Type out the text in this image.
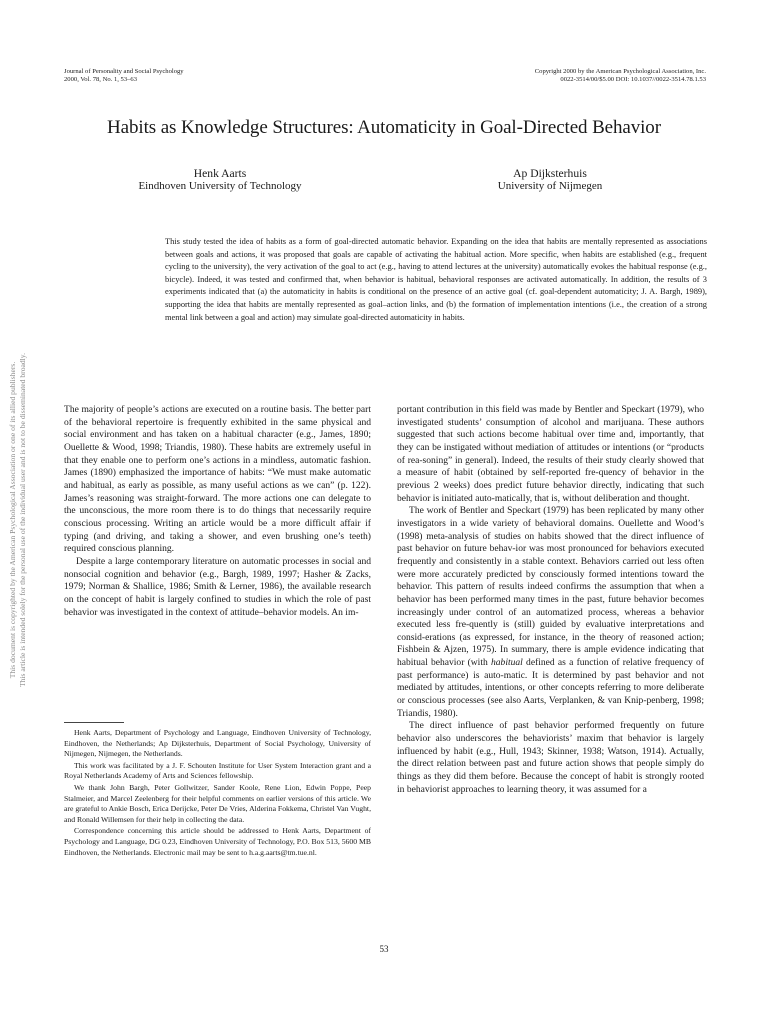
Journal of Personality and Social Psychology
2000, Vol. 78, No. 1, 53–63
Copyright 2000 by the American Psychological Association, Inc.
0022-3514/00/$5.00 DOI: 10.1037//0022-3514.78.1.53
Habits as Knowledge Structures: Automaticity in Goal-Directed Behavior
Henk Aarts
Eindhoven University of Technology
Ap Dijksterhuis
University of Nijmegen
This study tested the idea of habits as a form of goal-directed automatic behavior. Expanding on the idea that habits are mentally represented as associations between goals and actions, it was proposed that goals are capable of activating the habitual action. More specific, when habits are established (e.g., frequent cycling to the university), the very activation of the goal to act (e.g., having to attend lectures at the university) automatically evokes the habitual response (e.g., bicycle). Indeed, it was tested and confirmed that, when behavior is habitual, behavioral responses are activated automatically. In addition, the results of 3 experiments indicated that (a) the automaticity in habits is conditional on the presence of an active goal (cf. goal-dependent automaticity; J. A. Bargh, 1989), supporting the idea that habits are mentally represented as goal–action links, and (b) the formation of implementation intentions (i.e., the creation of a strong mental link between a goal and action) may simulate goal-directed automaticity in habits.

The majority of people’s actions are executed on a routine basis. The better part of the behavioral repertoire is frequently exhibited in the same physical and social environment and has taken on a habitual character (e.g., James, 1890; Ouellette & Wood, 1998; Triandis, 1980). These habits are extremely useful in that they enable one to perform one’s actions in a mindless, automatic fashion. James (1890) emphasized the importance of habits: “We must make automatic and habitual, as early as possible, as many useful actions as we can” (p. 122). James’s reasoning was straight-forward. The more actions one can delegate to the unconscious, the more room there is to do things that necessarily require conscious processing. Writing an article would be a more difficult affair if typing (and driving, and taking a shower, and even brushing one’s teeth) required conscious planning.

Despite a large contemporary literature on automatic processes in social and nonsocial cognition and behavior (e.g., Bargh, 1989, 1997; Hasher & Zacks, 1979; Norman & Shallice, 1986; Smith & Lerner, 1986), the available research on the concept of habit is largely confined to studies in which the role of past behavior was investigated in the context of attitude–behavior models. An im-

Henk Aarts, Department of Psychology and Language, Eindhoven University of Technology, Eindhoven, the Netherlands; Ap Dijksterhuis, Department of Social Psychology, University of Nijmegen, Nijmegen, the Netherlands.

This work was facilitated by a J. F. Schouten Institute for User System Interaction grant and a Royal Netherlands Academy of Arts and Sciences fellowship.

We thank John Bargh, Peter Gollwitzer, Sander Koole, Rene Lion, Edwin Poppe, Peep Stalmeier, and Marcel Zeelenberg for their helpful comments on earlier versions of this article. We are grateful to Ankie Bosch, Erica Derijcke, Peter De Vries, Alderina Fokkema, Christel Van Vught, and Ronald Willemsen for their help in collecting the data.

Correspondence concerning this article should be addressed to Henk Aarts, Department of Psychology and Language, DG 0.23, Eindhoven University of Technology, P.O. Box 513, 5600 MB Eindhoven, the Netherlands. Electronic mail may be sent to h.a.g.aarts@tm.tue.nl.

portant contribution in this field was made by Bentler and Speckart (1979), who investigated students’ consumption of alcohol and marijuana. These authors suggested that such actions become habitual over time and, importantly, that they can be instigated without mediation of attitudes or intentions (or “products of rea-soning” in general). Indeed, the results of their study clearly showed that a measure of habit (obtained by self-reported fre-quency of behavior in the previous 2 weeks) does predict future behavior directly, indicating that such behavior is initiated auto-matically, that is, without deliberation and thought.

The work of Bentler and Speckart (1979) has been replicated by many other investigators in a wide variety of behavioral domains. Ouellette and Wood’s (1998) meta-analysis of studies on habits showed that the direct influence of past behavior on future behav-ior was most pronounced for behaviors executed frequently and consistently in a stable context. Behaviors carried out less often were more accurately predicted by consciously formed intentions toward the behavior. This pattern of results indeed confirms the assumption that when a behavior has been performed many times in the past, future behavior becomes increasingly under control of an automatized process, whereas a behavior executed less fre-quently is (still) guided by evaluative interpretations and consid-erations (as expressed, for instance, in the theory of reasoned action; Fishbein & Ajzen, 1975). In summary, there is ample evidence indicating that habitual behavior (with habitual defined as a function of relative frequency of past performance) is auto-matic. It is determined by past behavior and not mediated by attitudes, intentions, or other concepts referring to more deliberate or conscious processes (see also Aarts, Verplanken, & van Knip-penberg, 1998; Triandis, 1980).

The direct influence of past behavior performed frequently on future behavior also underscores the behaviorists’ maxim that behavior is largely influenced by habit (e.g., Hull, 1943; Skinner, 1938; Watson, 1914). Actually, the direct relation between past and future action shows that people simply do things as they did them before. Because the concept of habit is strongly rooted in behaviorist approaches to learning theory, it was assumed for a

53
This document is copyrighted by the American Psychological Association or one of its allied publishers. This article is intended solely for the personal use of the individual user and is not to be disseminated broadly.
